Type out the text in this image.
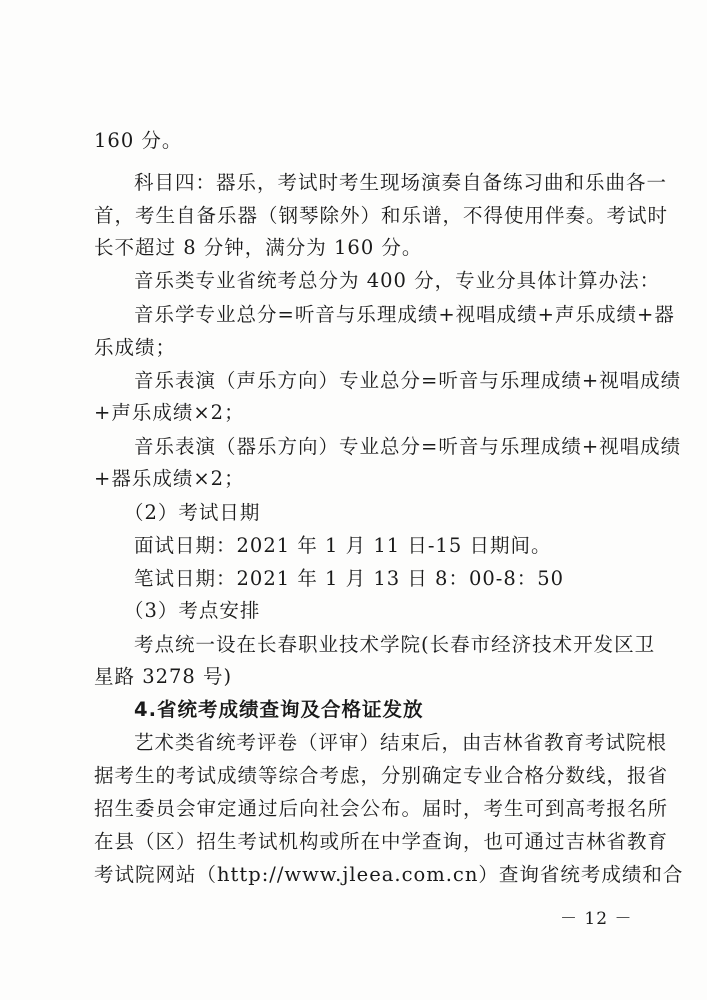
160 分。
科目四：器乐，考试时考生现场演奏自备练习曲和乐曲各一
首，考生自备乐器（钢琴除外）和乐谱，不得使用伴奏。考试时
长不超过 8 分钟，满分为 160 分。
音乐类专业省统考总分为 400 分，专业分具体计算办法：
音乐学专业总分=听音与乐理成绩+视唱成绩+声乐成绩+器
乐成绩；
音乐表演（声乐方向）专业总分=听音与乐理成绩+视唱成绩
+声乐成绩×2；
音乐表演（器乐方向）专业总分=听音与乐理成绩+视唱成绩
+器乐成绩×2；
（2）考试日期
面试日期：2021 年 1 月 11 日-15 日期间。
笔试日期：2021 年 1 月 13 日 8：00-8：50
（3）考点安排
考点统一设在长春职业技术学院(长春市经济技术开发区卫
星路 3278 号)
4.省统考成绩查询及合格证发放
艺术类省统考评卷（评审）结束后，由吉林省教育考试院根
据考生的考试成绩等综合考虑，分别确定专业合格分数线，报省
招生委员会审定通过后向社会公布。届时，考生可到高考报名所
在县（区）招生考试机构或所在中学查询，也可通过吉林省教育
考试院网站（http://www.jleea.com.cn）查询省统考成绩和合
－ 12 －
